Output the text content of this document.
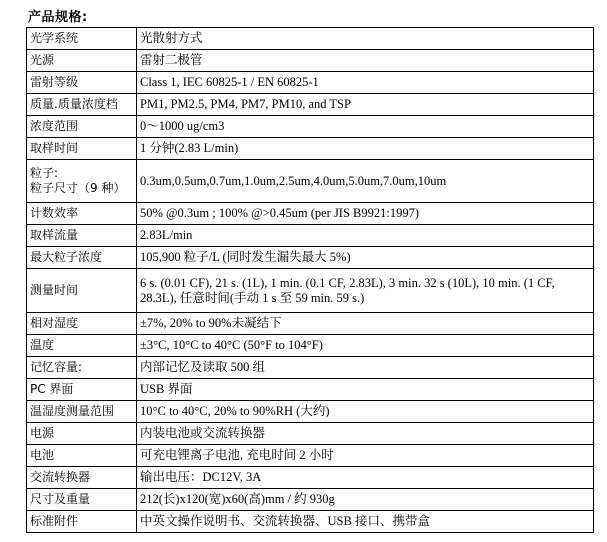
产品规格:
光学系统	光散射方式
光源	雷射二极管
雷射等级	Class 1, IEC 60825-1 / EN 60825-1
质量.质量浓度档	PM1, PM2.5, PM4, PM7, PM10, and TSP
浓度范围	0～1000 ug/cm3
取样时间	1 分钟(2.83 L/min)

粒子:
粒子尺寸（9 种）	0.3um,0.5um,0.7um,1.0um,2.5um,4.0um,5.0um,7.0um,10um
计数效率	50% @0.3um ; 100% @>0.45um (per JIS B9921:1997)
取样流量	2.83L/min
最大粒子浓度	105,900 粒子/L (同时发生漏失最大 5%)
测量时间	6 s. (0.01 CF), 21 s. (1L), 1 min. (0.1 CF, 2.83L), 3 min. 32 s (10L), 10 min. (1 CF, 28.3L), 任意时间(手动 1 s 至 59 min. 59 s.)
相对湿度	±7%, 20% to 90%未凝结下
温度	±3°C, 10°C to 40°C (50°F to 104°F)
记忆容量:	内部记忆及读取 500 组
PC 界面	USB 界面
温湿度测量范围	10°C to 40°C, 20% to 90%RH (大约)
电源	内装电池或交流转换器
电池	可充电锂离子电池, 充电时间 2 小时
交流转换器	输出电压：DC12V, 3A
尺寸及重量	212(长)x120(宽)x60(高)mm / 约 930g
标准附件	中英文操作说明书、交流转换器、USB 接口、携带盒
